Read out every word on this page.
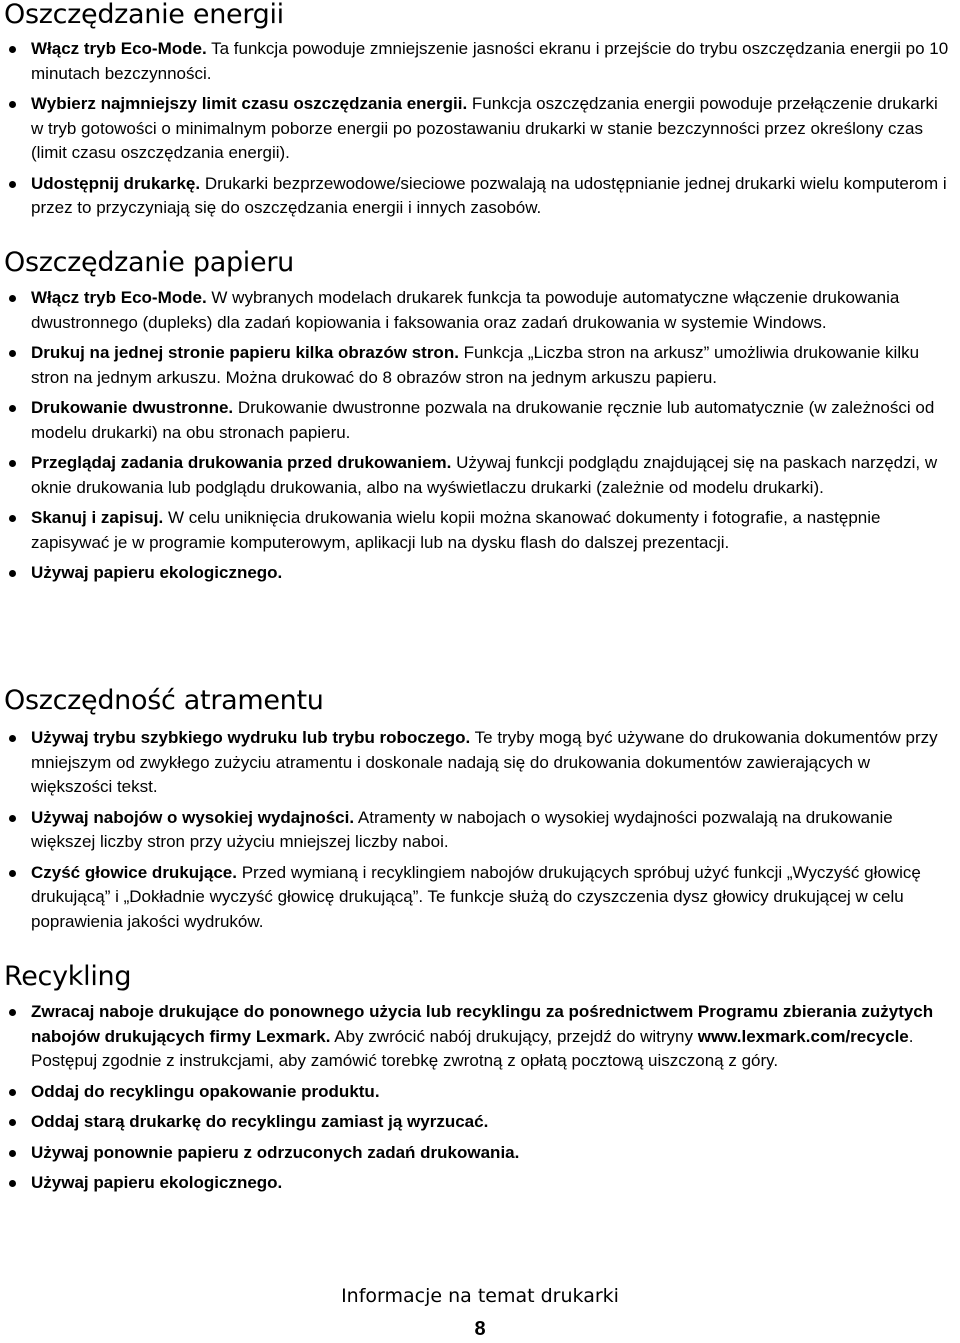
Oszczędzanie energii
Włącz tryb Eco-Mode. Ta funkcja powoduje zmniejszenie jasności ekranu i przejście do trybu oszczędzania energii po 10 minutach bezczynności.
Wybierz najmniejszy limit czasu oszczędzania energii. Funkcja oszczędzania energii powoduje przełączenie drukarki w tryb gotowości o minimalnym poborze energii po pozostawaniu drukarki w stanie bezczynności przez określony czas (limit czasu oszczędzania energii).
Udostępnij drukarkę. Drukarki bezprzewodowe/sieciowe pozwalają na udostępnianie jednej drukarki wielu komputerom i przez to przyczyniają się do oszczędzania energii i innych zasobów.
Oszczędzanie papieru
Włącz tryb Eco-Mode. W wybranych modelach drukarek funkcja ta powoduje automatyczne włączenie drukowania dwustronnego (dupleks) dla zadań kopiowania i faksowania oraz zadań drukowania w systemie Windows.
Drukuj na jednej stronie papieru kilka obrazów stron. Funkcja „Liczba stron na arkusz” umożliwia drukowanie kilku stron na jednym arkuszu. Można drukować do 8 obrazów stron na jednym arkuszu papieru.
Drukowanie dwustronne. Drukowanie dwustronne pozwala na drukowanie ręcznie lub automatycznie (w zależności od modelu drukarki) na obu stronach papieru.
Przeglądaj zadania drukowania przed drukowaniem. Używaj funkcji podglądu znajdującej się na paskach narzędzi, w oknie drukowania lub podglądu drukowania, albo na wyświetlaczu drukarki (zależnie od modelu drukarki).
Skanuj i zapisuj. W celu uniknięcia drukowania wielu kopii można skanować dokumenty i fotografie, a następnie zapisywać je w programie komputerowym, aplikacji lub na dysku flash do dalszej prezentacji.
Używaj papieru ekologicznego.
Oszczędność atramentu
Używaj trybu szybkiego wydruku lub trybu roboczego. Te tryby mogą być używane do drukowania dokumentów przy mniejszym od zwykłego zużyciu atramentu i doskonale nadają się do drukowania dokumentów zawierających w większości tekst.
Używaj nabojów o wysokiej wydajności. Atramenty w nabojach o wysokiej wydajności pozwalają na drukowanie większej liczby stron przy użyciu mniejszej liczby naboi.
Czyść głowice drukujące. Przed wymianą i recyklingiem nabojów drukujących spróbuj użyć funkcji „Wyczyść głowicę drukującą” i „Dokładnie wyczyść głowicę drukującą”. Te funkcje służą do czyszczenia dysz głowicy drukującej w celu poprawienia jakości wydruków.
Recykling
Zwracaj naboje drukujące do ponownego użycia lub recyklingu za pośrednictwem Programu zbierania zużytych nabojów drukujących firmy Lexmark. Aby zwrócić nabój drukujący, przejdź do witryny www.lexmark.com/recycle. Postępuj zgodnie z instrukcjami, aby zamówić torebkę zwrotną z opłatą pocztową uiszczoną z góry.
Oddaj do recyklingu opakowanie produktu.
Oddaj starą drukarkę do recyklingu zamiast ją wyrzucać.
Używaj ponownie papieru z odrzuconych zadań drukowania.
Używaj papieru ekologicznego.
Informacje na temat drukarki
8
